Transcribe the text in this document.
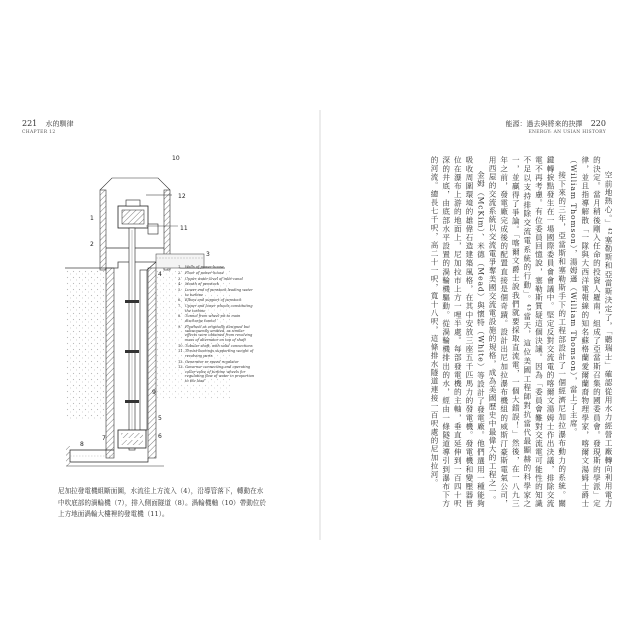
221 水的馴律
CHAPTER 12
10
12
11
2
1
3
4
5
6
7
8
9
1. Walls of power-house
2. Floor of power-house
3. Upper water level of inlet-canal
4. Mouth of penstock
5. Lower end of penstock leading water to turbine
6. Elbow and support of penstock
7. Upper and lower wheels constituting the turbine
8. Tunnel from wheel-pit to main discharge tunnel
9. Flywheel as originally designed but subsequently omitted, as similar effects were obtained from revolving mass of alternator on top of shaft
10. Tubular shaft, with solid connections
11. Thrust-bearings supporting weight of revolving parts
12. Generator or speed regulator
13. Governor connecting and operating collar-valve of turbine wheels for regulating flow of water in proportion to the load
尼加拉發電機組斷面圖，水流往上方流入（4），沿導管落下，轉動在水中吹底部的渦輪機（7），排入側面隧道（8）。渦輪機軸（10）帶動位於上方地面渦輪大樓裡的發電機（11）。
能源：過去與將來的抉擇 220
ENERGY: AN USIAN HISTORY

空前地熱心。」⁴²塞勒斯和亞當斯決定了，「聽瑞士」確認從用水力經營工廠轉向利用電力的決定。當月稍後剛入任命的投資人羅南，組成了亞當斯召集的國委員會。發現斯的學派」定律，並且指導解散「一隊與大西洋電報線的知名蘇格蘭愛爾蘭裔物理學家，喀爾文湯姆士爵士（William Thomson），湯姆遜（William Thomson），當上了主席。

接下來的三年，亞當斯和塞勒斯手下的工程部設計了一個經濟尼加拉瀑布動力的系統。關鍵轉捩點發生在一場國際委員會會議中。堅定反對交流電的喀爾文湯姆士作出決議，排除交流電不再考慮。有位委員回憶說，塞勒斯質疑這個決議。因為「委員會難對交流電可能性的知識不足以支持排除交流電系統的行動」。⁴³當天，這位美國工程師對抗當代最顯赫的科學家之一，並贏得了爭論。「喀爾文爵士說我們就要採取直流電，一個大錯誤！」然後，在一八九三年之前，發電廠完成後的配置直接是個奇蹟。設計出尼加拉瀑布機組的威斯汀豪斯電氣公司，用西屋的交流系統以交流電爭奪美國交流電設施的規格，成為美國歷史中最偉大的工程之一。

金姆（McKim）、米德（Mead）與懷特（White）等設計了發電廠。他們選用一種能夠吸收周圍環境的雄偉石造建築風格，在其中安放三座五千匹馬力的發電機。發電機和變壓器皆位在瀑布上游的地面上，尼加拉市上方一哩半處。每部發電機的主軸，垂直延伸到一百四十呎深的井底，由底部水平設置的渦輪機驅動。從渦輪機排出的水，經由一條隧道導引到瀑布下方的河流。總長七千呎，高二十一呎，寬十八呎，這條排水隧道連接一百呎處的尼加拉河。
